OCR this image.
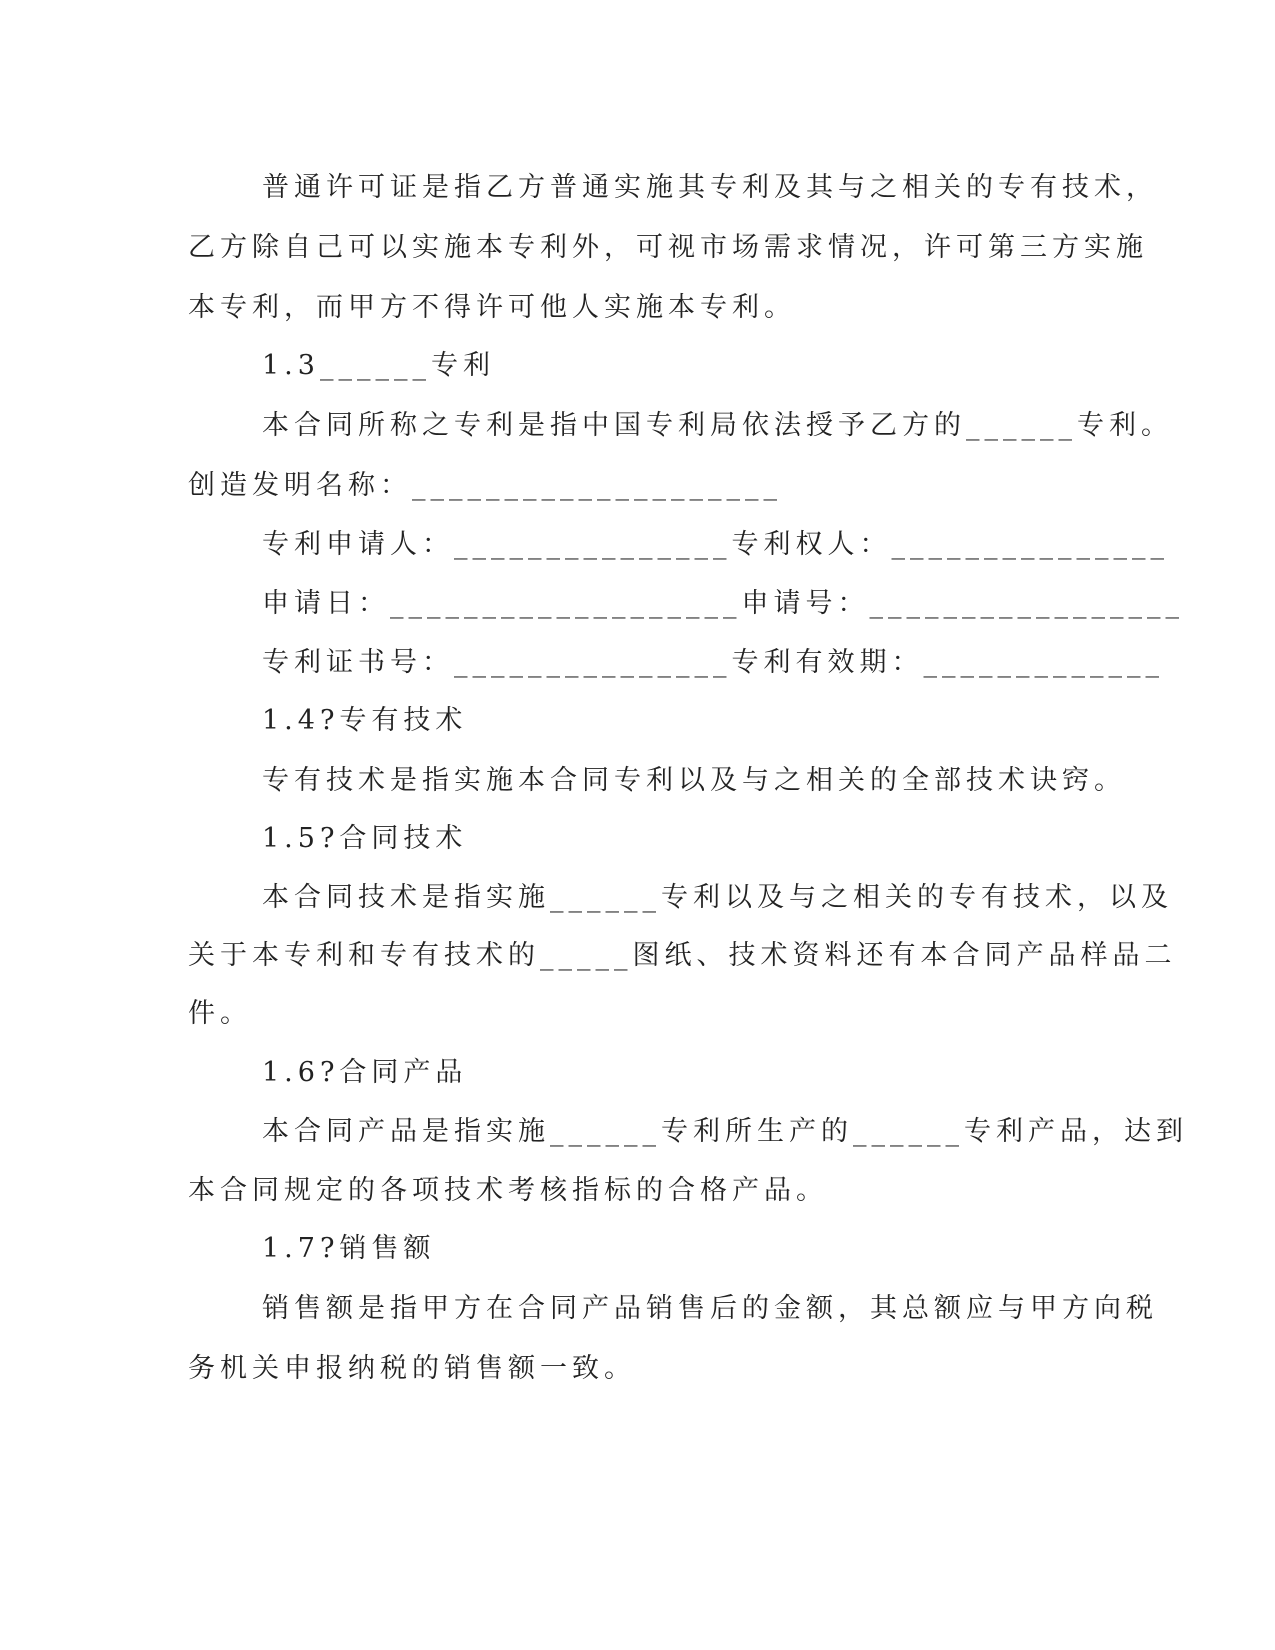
普通许可证是指乙方普通实施其专利及其与之相关的专有技术，
乙方除自己可以实施本专利外，可视市场需求情况，许可第三方实施
本专利，而甲方不得许可他人实施本专利。
1.3______专利
本合同所称之专利是指中国专利局依法授予乙方的______专利。
创造发明名称：____________________
专利申请人：_______________专利权人：_______________
申请日：___________________申请号：_________________
专利证书号：_______________专利有效期：_____________
1.4?专有技术
专有技术是指实施本合同专利以及与之相关的全部技术诀窍。
1.5?合同技术
本合同技术是指实施______专利以及与之相关的专有技术，以及
关于本专利和专有技术的_____图纸、技术资料还有本合同产品样品二
件。
1.6?合同产品
本合同产品是指实施______专利所生产的______专利产品，达到
本合同规定的各项技术考核指标的合格产品。
1.7?销售额
销售额是指甲方在合同产品销售后的金额，其总额应与甲方向税
务机关申报纳税的销售额一致。
